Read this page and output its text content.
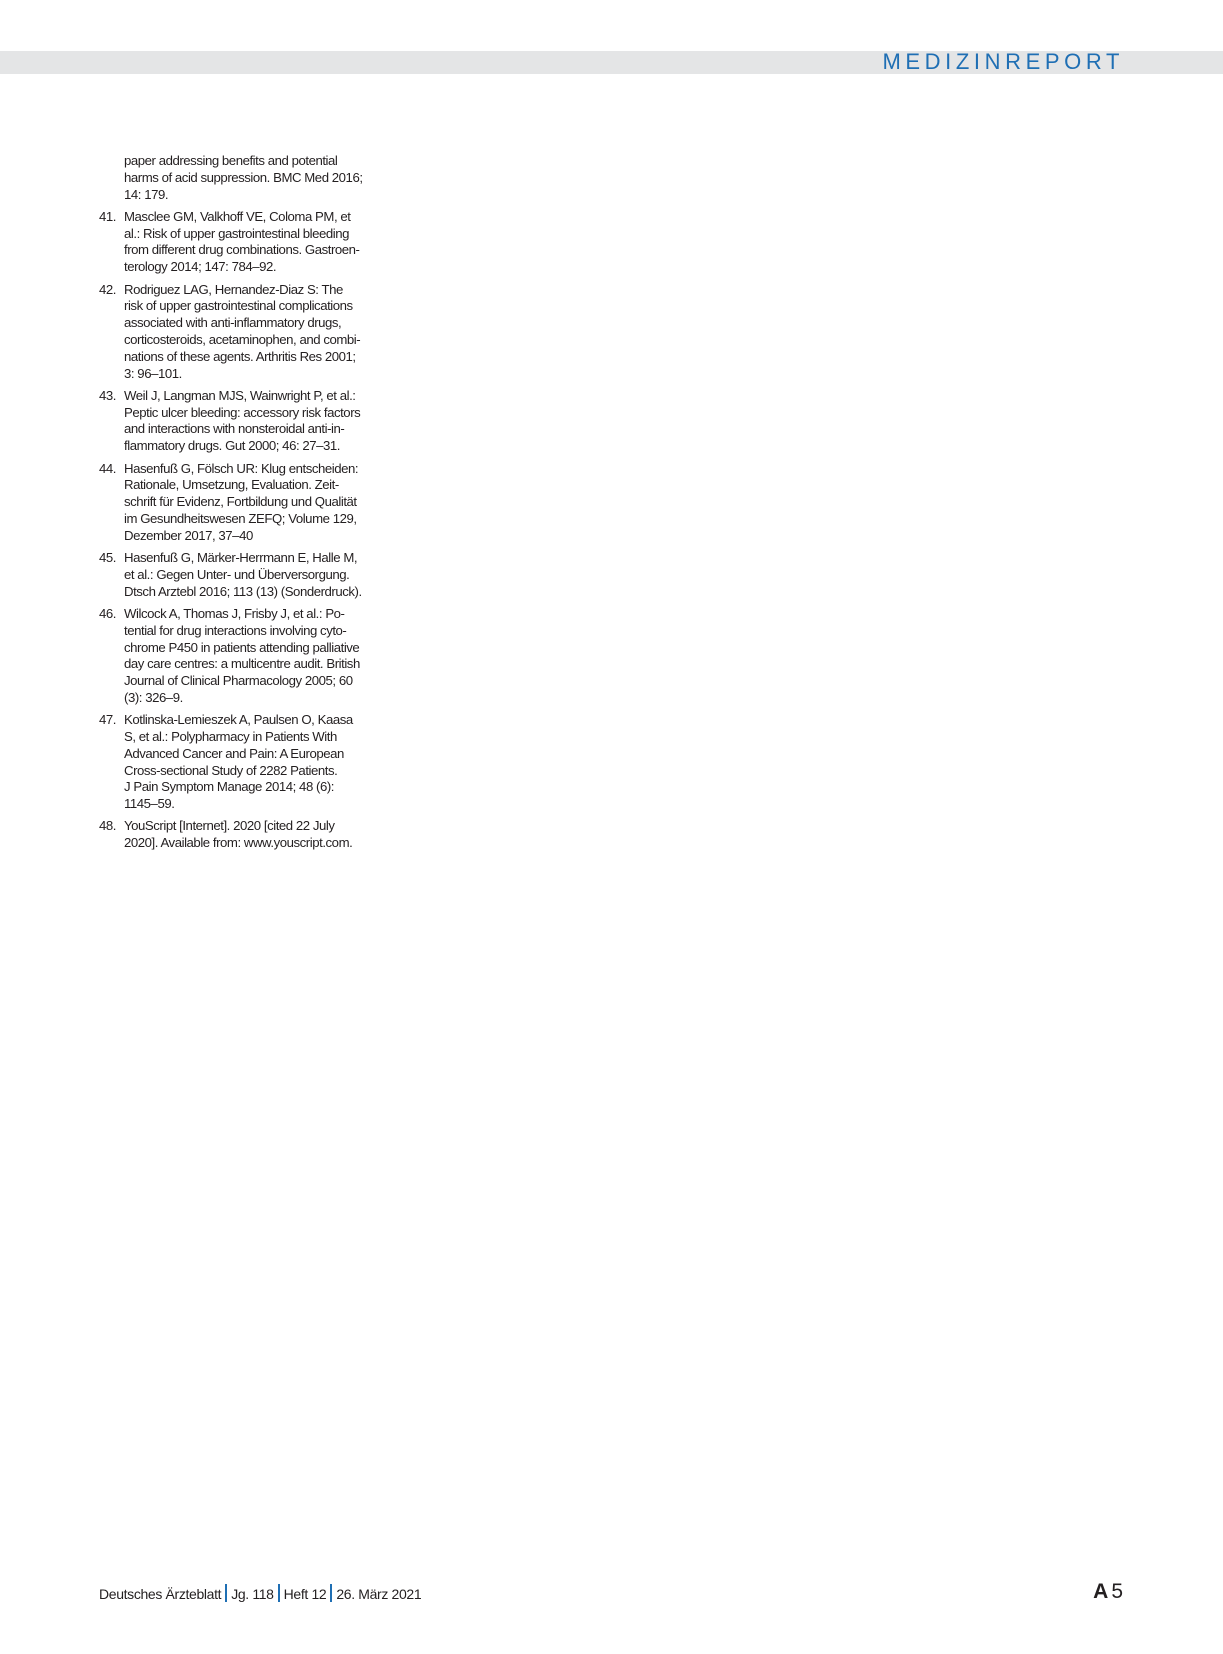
MEDIZINREPORT
paper addressing benefits and potential
harms of acid suppression. BMC Med 2016;
14: 179.
41. Masclee GM, Valkhoff VE, Coloma PM, et
al.: Risk of upper gastrointestinal bleeding
from different drug combinations. Gastroen-
terology 2014; 147: 784–92.
42. Rodriguez LAG, Hernandez-Diaz S: The
risk of upper gastrointestinal complications
associated with anti-inflammatory drugs,
corticosteroids, acetaminophen, and combi-
nations of these agents. Arthritis Res 2001;
3: 96–101.
43. Weil J, Langman MJS, Wainwright P, et al.:
Peptic ulcer bleeding: accessory risk factors
and interactions with nonsteroidal anti-in-
flammatory drugs. Gut 2000; 46: 27–31.
44. Hasenfuß G, Fölsch UR: Klug entscheiden:
Rationale, Umsetzung, Evaluation. Zeit-
schrift für Evidenz, Fortbildung und Qualität
im Gesundheitswesen ZEFQ; Volume 129,
Dezember 2017, 37–40
45. Hasenfuß G, Märker-Herrmann E, Halle M,
et al.: Gegen Unter- und Überversorgung.
Dtsch Arztebl 2016; 113 (13) (Sonderdruck).
46. Wilcock A, Thomas J, Frisby J, et al.: Po-
tential for drug interactions involving cyto-
chrome P450 in patients attending palliative
day care centres: a multicentre audit. British
Journal of Clinical Pharmacology 2005; 60
(3): 326–9.
47. Kotlinska-Lemieszek A, Paulsen O, Kaasa
S, et al.: Polypharmacy in Patients With
Advanced Cancer and Pain: A European
Cross-sectional Study of 2282 Patients.
J Pain Symptom Manage 2014; 48 (6):
1145–59.
48. YouScript [Internet]. 2020 [cited 22 July
2020]. Available from: www.youscript.com.
Deutsches Ärzteblatt Jg. 118 Heft 12 26. März 2021	A 5
